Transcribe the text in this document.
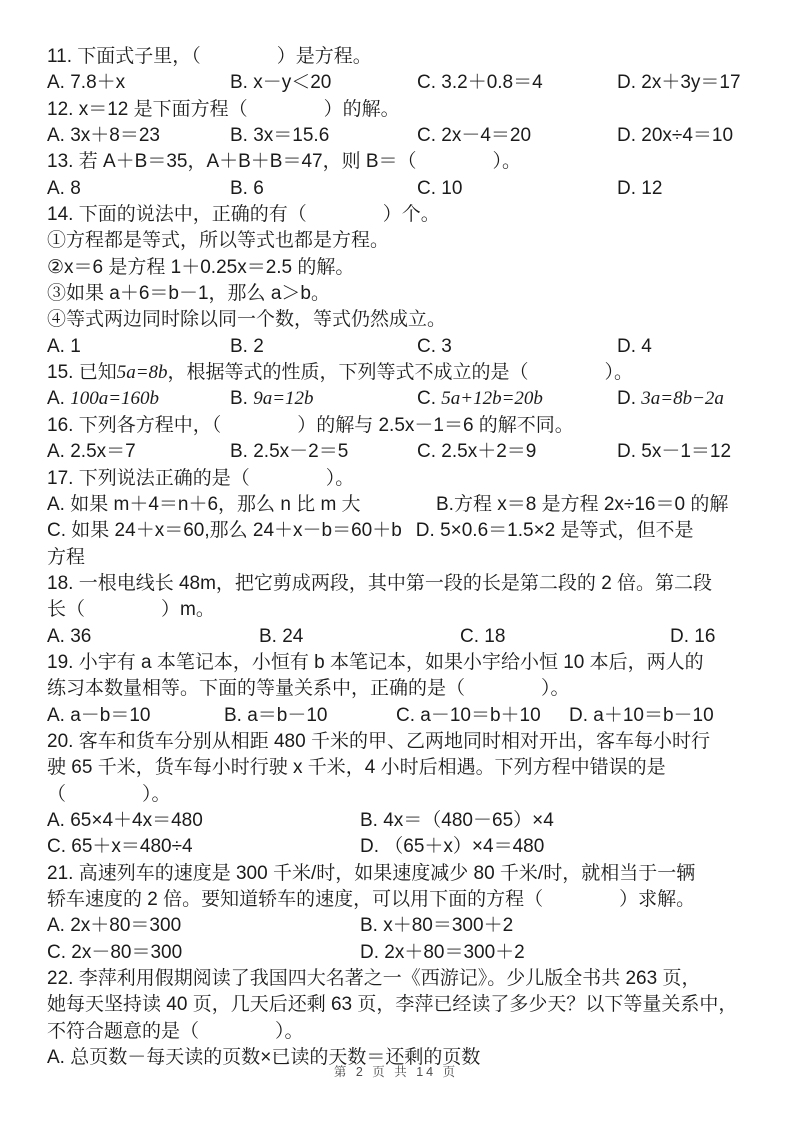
11. 下面式子里，（　　　　）是方程。
A. 7.8＋x	B. x－y＜20	C. 3.2＋0.8＝4	D. 2x＋3y＝17
12. x＝12 是下面方程（　　　　）的解。
A. 3x＋8＝23	B. 3x＝15.6	C. 2x－4＝20	D. 20x÷4＝10
13. 若 A＋B＝35，A＋B＋B＝47，则 B＝（　　　　）。
A. 8	B. 6	C. 10	D. 12
14. 下面的说法中，正确的有（　　　　）个。
①方程都是等式，所以等式也都是方程。
②x＝6 是方程 1＋0.25x＝2.5 的解。
③如果 a＋6＝b－1，那么 a＞b。
④等式两边同时除以同一个数，等式仍然成立。
A. 1	B. 2	C. 3	D. 4
15. 已知5a=8b，根据等式的性质，下列等式不成立的是（　　　　）。
A. 100a=160b	B. 9a=12b	C. 5a+12b=20b	D. 3a=8b−2a
16. 下列各方程中，（　　　　）的解与 2.5x－1＝6 的解不同。
A. 2.5x＝7	B. 2.5x－2＝5	C. 2.5x＋2＝9	D. 5x－1＝12
17. 下列说法正确的是（　　　　）。
A. 如果 m＋4＝n＋6，那么 n 比 m 大	B.方程 x＝8 是方程 2x÷16＝0 的解
C. 如果 24＋x＝60,那么 24＋x－b＝60＋b D. 5×0.6＝1.5×2 是等式，但不是
方程
18. 一根电线长 48m，把它剪成两段，其中第一段的长是第二段的 2 倍。第二段
长（　　　　）m。
A. 36	B. 24	C. 18	D. 16
19. 小宇有 a 本笔记本，小恒有 b 本笔记本，如果小宇给小恒 10 本后，两人的
练习本数量相等。下面的等量关系中，正确的是（　　　　）。
A. a－b＝10	B. a＝b－10	C. a－10＝b＋10 D. a＋10＝b－10
20. 客车和货车分别从相距 480 千米的甲、乙两地同时相对开出，客车每小时行
驶 65 千米，货车每小时行驶 x 千米，4 小时后相遇。下列方程中错误的是
（　　　　）。
A. 65×4＋4x＝480	B. 4x＝（480－65）×4
C. 65＋x＝480÷4	D. （65＋x）×4＝480
21. 高速列车的速度是 300 千米/时，如果速度减少 80 千米/时，就相当于一辆
轿车速度的 2 倍。要知道轿车的速度，可以用下面的方程（　　　　）求解。
A. 2x＋80＝300	B. x＋80＝300＋2
C. 2x－80＝300	D. 2x＋80＝300＋2
22. 李萍利用假期阅读了我国四大名著之一《西游记》。少儿版全书共 263 页，
她每天坚持读 40 页，几天后还剩 63 页，李萍已经读了多少天？以下等量关系中，
不符合题意的是（　　　　）。
A. 总页数－每天读的页数×已读的天数＝还剩的页数
第 2 页 共 14 页
